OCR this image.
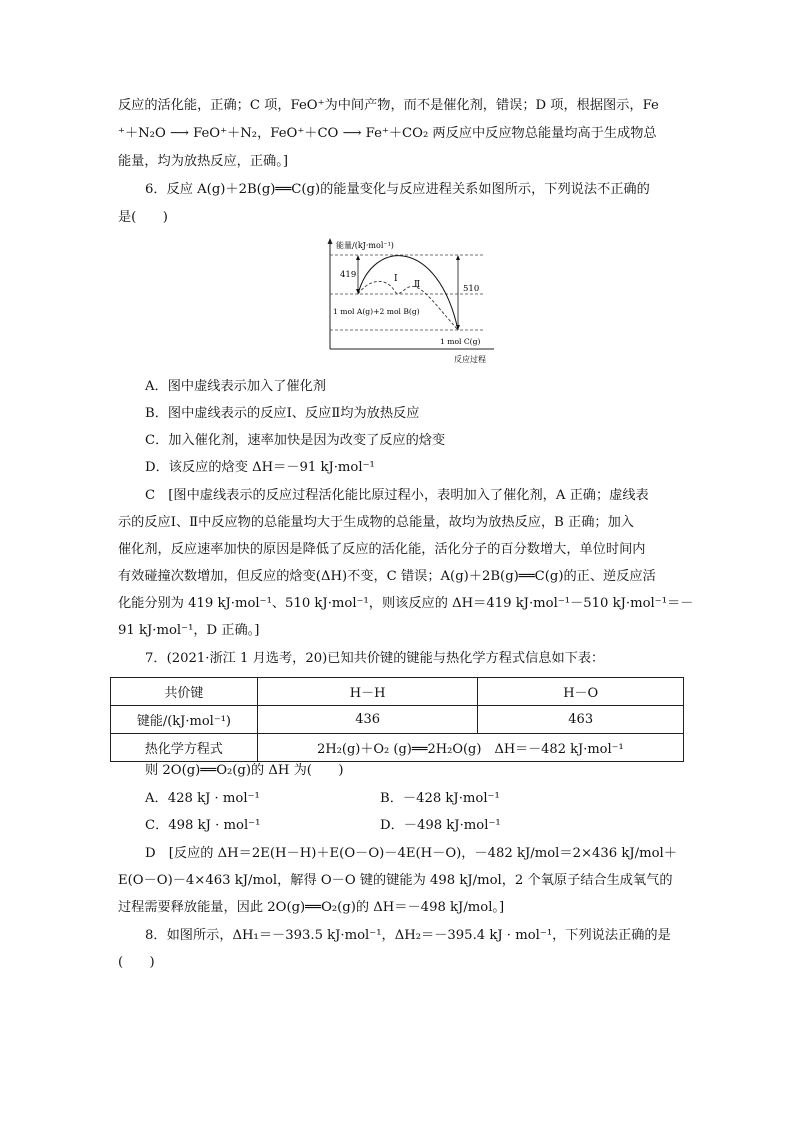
反应的活化能，正确；C 项，FeO⁺为中间产物，而不是催化剂，错误；D 项，根据图示，Fe
⁺＋N₂O ⟶ FeO⁺＋N₂，FeO⁺＋CO ⟶ Fe⁺＋CO₂ 两反应中反应物总能量均高于生成物总
能量，均为放热反应，正确。]
6．反应 A(g)＋2B(g)══C(g)的能量变化与反应进程关系如图所示，下列说法不正确的
是(　　)
能量/(kJ·mol⁻¹)
419
510
Ⅰ
Ⅱ
1 mol A(g)+2 mol B(g)
1 mol C(g)
反应过程
A．图中虚线表示加入了催化剂
B．图中虚线表示的反应Ⅰ、反应Ⅱ均为放热反应
C．加入催化剂，速率加快是因为改变了反应的焓变
D．该反应的焓变 ΔH＝－91 kJ·mol⁻¹
C　[图中虚线表示的反应过程活化能比原过程小，表明加入了催化剂，A 正确；虚线表
示的反应Ⅰ、Ⅱ中反应物的总能量均大于生成物的总能量，故均为放热反应，B 正确；加入
催化剂，反应速率加快的原因是降低了反应的活化能，活化分子的百分数增大，单位时间内
有效碰撞次数增加，但反应的焓变(ΔH)不变，C 错误；A(g)＋2B(g)══C(g)的正、逆反应活
化能分别为 419 kJ·mol⁻¹、510 kJ·mol⁻¹，则该反应的 ΔH＝419 kJ·mol⁻¹－510 kJ·mol⁻¹＝－
91 kJ·mol⁻¹，D 正确。]
7．(2021·浙江 1 月选考，20)已知共价键的键能与热化学方程式信息如下表：
共价键	H－H	H－O
键能/(kJ·mol⁻¹)	436	463
热化学方程式	2H₂(g)＋O₂ (g)══2H₂O(g)　ΔH＝－482 kJ·mol⁻¹	
则 2O(g)══O₂(g)的 ΔH 为(　　)
A．428 kJ · mol⁻¹	B．－428 kJ·mol⁻¹
C．498 kJ · mol⁻¹	D．－498 kJ·mol⁻¹
D　[反应的 ΔH＝2E(H－H)＋E(O－O)－4E(H－O)，－482 kJ/mol＝2×436 kJ/mol＋
E(O－O)－4×463 kJ/mol，解得 O－O 键的键能为 498 kJ/mol，2 个氧原子结合生成氧气的
过程需要释放能量，因此 2O(g)══O₂(g)的 ΔH＝－498 kJ/mol。]
8．如图所示，ΔH₁＝－393.5 kJ·mol⁻¹，ΔH₂＝－395.4 kJ · mol⁻¹，下列说法正确的是
(　　)
